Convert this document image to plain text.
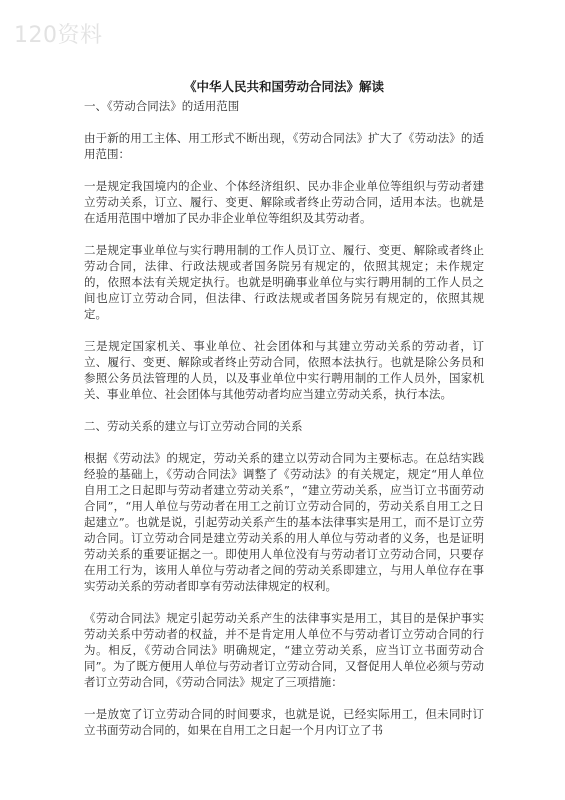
120资料
《中华人民共和国劳动合同法》解读
一、《劳动合同法》的适用范围
由于新的用工主体、用工形式不断出现，《劳动合同法》扩大了《劳动法》的适用范围：
一是规定我国境内的企业、个体经济组织、民办非企业单位等组织与劳动者建立劳动关系，订立、履行、变更、解除或者终止劳动合同，适用本法。也就是在适用范围中增加了民办非企业单位等组织及其劳动者。
二是规定事业单位与实行聘用制的工作人员订立、履行、变更、解除或者终止劳动合同，法律、行政法规或者国务院另有规定的，依照其规定；未作规定的，依照本法有关规定执行。也就是明确事业单位与实行聘用制的工作人员之间也应订立劳动合同，但法律、行政法规或者国务院另有规定的，依照其规定。
三是规定国家机关、事业单位、社会团体和与其建立劳动关系的劳动者，订立、履行、变更、解除或者终止劳动合同，依照本法执行。也就是除公务员和参照公务员法管理的人员，以及事业单位中实行聘用制的工作人员外，国家机关、事业单位、社会团体与其他劳动者均应当建立劳动关系，执行本法。
二、劳动关系的建立与订立劳动合同的关系
根据《劳动法》的规定，劳动关系的建立以劳动合同为主要标志。在总结实践经验的基础上，《劳动合同法》调整了《劳动法》的有关规定，规定“用人单位自用工之日起即与劳动者建立劳动关系”，“建立劳动关系，应当订立书面劳动合同”，“用人单位与劳动者在用工之前订立劳动合同的，劳动关系自用工之日起建立”。也就是说，引起劳动关系产生的基本法律事实是用工，而不是订立劳动合同。订立劳动合同是建立劳动关系的用人单位与劳动者的义务，也是证明劳动关系的重要证据之一。即使用人单位没有与劳动者订立劳动合同，只要存在用工行为，该用人单位与劳动者之间的劳动关系即建立，与用人单位存在事实劳动关系的劳动者即享有劳动法律规定的权利。
《劳动合同法》规定引起劳动关系产生的法律事实是用工，其目的是保护事实劳动关系中劳动者的权益，并不是肯定用人单位不与劳动者订立劳动合同的行为。相反，《劳动合同法》明确规定，“建立劳动关系，应当订立书面劳动合同”。为了既方便用人单位与劳动者订立劳动合同，又督促用人单位必须与劳动者订立劳动合同，《劳动合同法》规定了三项措施：
一是放宽了订立劳动合同的时间要求，也就是说，已经实际用工，但未同时订立书面劳动合同的，如果在自用工之日起一个月内订立了书
